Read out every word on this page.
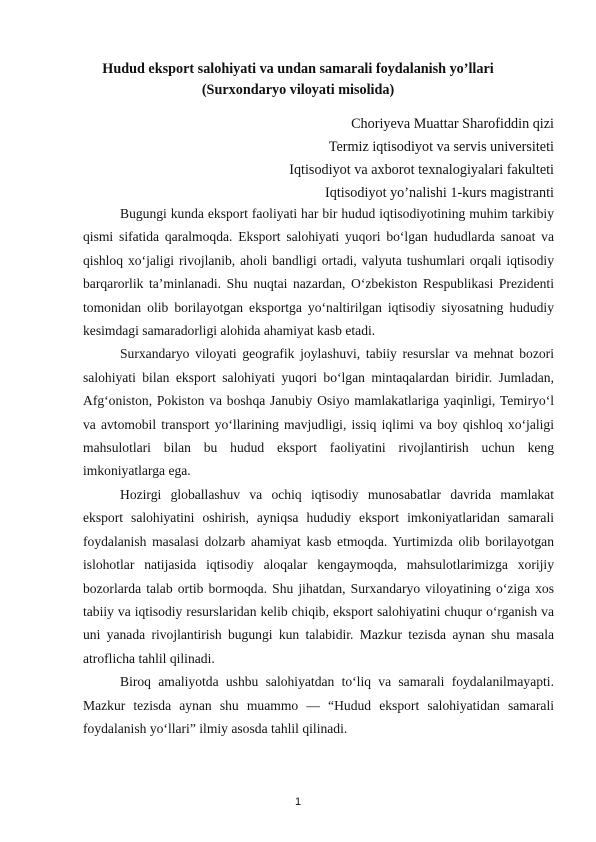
Hudud eksport salohiyati va undan samarali foydalanish yo’llari
(Surxondaryo viloyati misolida)
Choriyeva Muattar Sharofiddin qizi
Termiz iqtisodiyot va servis universiteti
Iqtisodiyot va axborot texnalogiyalari fakulteti
Iqtisodiyot yo’nalishi 1-kurs magistranti

Bugungi kunda eksport faoliyati har bir hudud iqtisodiyotining muhim tarkibiy qismi sifatida qaralmoqda. Eksport salohiyati yuqori bo‘lgan hududlarda sanoat va qishloq xo‘jaligi rivojlanib, aholi bandligi ortadi, valyuta tushumlari orqali iqtisodiy barqarorlik ta’minlanadi. Shu nuqtai nazardan, O‘zbekiston Respublikasi Prezidenti tomonidan olib borilayotgan eksportga yo‘naltirilgan iqtisodiy siyosatning hududiy kesimdagi samaradorligi alohida ahamiyat kasb etadi.

Surxandaryo viloyati geografik joylashuvi, tabiiy resurslar va mehnat bozori salohiyati bilan eksport salohiyati yuqori bo‘lgan mintaqalardan biridir. Jumladan, Afg‘oniston, Pokiston va boshqa Janubiy Osiyo mamlakatlariga yaqinligi, Temiryo‘l va avtomobil transport yo‘llarining mavjudligi, issiq iqlimi va boy qishloq xo‘jaligi mahsulotlari bilan bu hudud eksport faoliyatini rivojlantirish uchun keng imkoniyatlarga ega.

Hozirgi globallashuv va ochiq iqtisodiy munosabatlar davrida mamlakat eksport salohiyatini oshirish, ayniqsa hududiy eksport imkoniyatlaridan samarali foydalanish masalasi dolzarb ahamiyat kasb etmoqda. Yurtimizda olib borilayotgan islohotlar natijasida iqtisodiy aloqalar kengaymoqda, mahsulotlarimizga xorijiy bozorlarda talab ortib bormoqda. Shu jihatdan, Surxandaryo viloyatining o‘ziga xos tabiiy va iqtisodiy resurslaridan kelib chiqib, eksport salohiyatini chuqur o‘rganish va uni yanada rivojlantirish bugungi kun talabidir. Mazkur tezisda aynan shu masala atroflicha tahlil qilinadi.

Biroq amaliyotda ushbu salohiyatdan to‘liq va samarali foydalanilmayapti. Mazkur tezisda aynan shu muammo — “Hudud eksport salohiyatidan samarali foydalanish yo‘llari” ilmiy asosda tahlil qilinadi.

1
